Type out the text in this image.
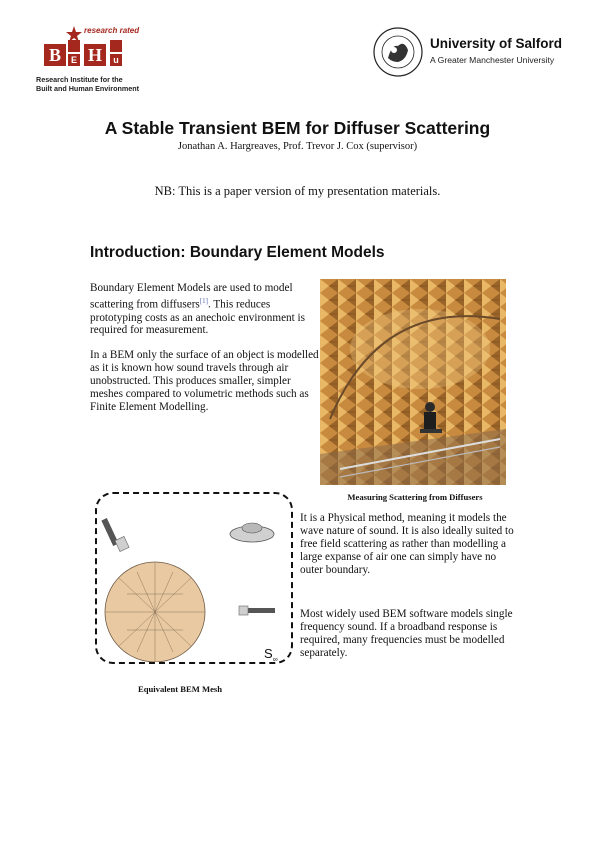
research rated
B	E H	u
Research Institute for the
Built and Human Environment
University of Salford
A Greater Manchester University
A Stable Transient BEM for Diffuser Scattering
Jonathan A. Hargreaves, Prof. Trevor J. Cox (supervisor)
NB: This is a paper version of my presentation materials.
Introduction: Boundary Element Models
Boundary Element Models are used to model scattering from diffusers[1]. This reduces prototyping costs as an anechoic environment is required for measurement.
In a BEM only the surface of an object is modelled as it is known how sound travels through air unobstructed. This produces smaller, simpler meshes compared to volumetric methods such as Finite Element Modelling.
It is a Physical method, meaning it models the wave nature of sound. It is also ideally suited to free field scattering as rather than modelling a large expanse of air one can simply have no outer boundary.
Most widely used BEM software models single frequency sound. If a broadband response is required, many frequencies must be modelled separately.
Measuring Scattering from Diffusers
$S_\infty$
Equivalent BEM Mesh
